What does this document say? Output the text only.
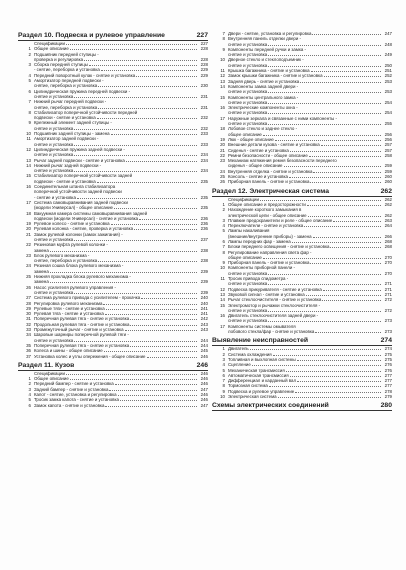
Раздел 10. Подвеска и рулевое управление	227
Спецификации	227
1 Общее описание	228
2 Подшипник передней ступицы -
проверка и регулировка	228
3 Сборка передней ступицы	228
- снятие, переборка и установка	229
4 Передний поворотный кулак - снятие и установка	229
5 Амортизатор передней подвески -
снятие, переборка и установка	230
6 Цилиндрическая пружина передней подвески -
снятие и установка	231
7 Нижний рычаг передней подвески -
снятие, переборка и установка	231
8 Стабилизатор поперечной устойчивости передней
подвески - снятие и установка	232
9 Крепежный элемент задней ступицы -
снятие и установка	232
10 Подшипник задней ступицы - замена	233
11 Амортизатор задней подвески -
снятие и установка	233
12 Цилиндрическая пружина задней подвески -
снятие и установка	234
13 Рычаг задней подвески - снятие и установка	234
14 Нижний рычаг задней подвески -
снятие и установка	234
15 Стабилизатор поперечной устойчивости задней
подвески - снятие и установка	235
16 Соединительная штанга стабилизатора
поперечной устойчивости задней подвески
- снятие и установка	235
17 Система самовыравнивания задней подвески
(модели Универсал) - общее описание	235
18 Вакуумная камера системы самовыравнивания задней
подвески (модели Универсал) - снятие и установка	236
19 Рулевое колесо - снятие и установка	236
20 Рулевая колонка - снятие, проверка и установка	236
21 Замок рулевой колонки (замок зажигания) -
снятие и установка	237
22 Резиновая муфта рулевой колонки -
замена	238
23 Блок рулевого механизма -
снятие, переборка и установка	238
24 Резиная сошка блока рулевого механизма -
замена	239
25 Нижняя прокладка блока рулевого механизма -
замена	239
26 Насос усилителя рулевого управления -
снятие и установка	239
27 Система рулевого привода с усилителем - прокачка	240
28 Регулировка рулевого механизма	240
29 Рулевые тяги - снятие и установка	241
30 Рулевая тяга - снятие и установка	241
31 Поперечная рулевая тяга - снятие и установка	242
32 Продольная рулевая тяга - снятие и установка	243
33 Промежуточный рычаг - снятие и установка	243
34 Шаровые шарниры поперечной рулевой тяги -
снятие и установка	244
35 Поперечная рулевая тяга - снятие и установка	244
36 Колеса и шины - общее описание	245
37 Установка колес и углы опережения - общее описание	246
Раздел 11. Кузов	246
Спецификации	246
1 Общее описание	246
2 Передний бампер - снятие и установка	246
3 Задний бампер - снятие и установка	247
4 Капот - снятие, установка и регулировка	246
5 Тросик замка капота - снятие и установка	246
6 Замок капота - снятие и установка	247
7 Двери - снятие, установка и регулировка	247
8 Внутренняя панель отделки двери -
снятие и установка	248
9 Компоненты передней ручки и замка -
снятие и установка	249
10 Дверное стекло и стеклоподъемник -
снятие и установка	250
11 Крышка багажника - снятие и установка	251
12 Замок крышки багажника - снятие и установка	252
13 Задняя дверь - снятие и установка	253
14 Компоненты замка задней двери -
снятие и установка	253
15 Компоненты центрального замка -
снятие и установка	254
16 Электрические компоненты окна -
снятие и установка	254
17 Наружные зеркала и связанные с ними компоненты -
снятие и установка	255
18 Лобовое стекло и заднее стекло -
общее описание	256
19 Люк - общее описание	256
20 Внешние детали кузова - снятие и установка	257
21 Сиденья - снятие и установка	257
22 Ремни безопасности - общее описание	258
23 Механизм натяжения ремня безопасности переднего
сиденья - общее описание	259
24 Внутренняя отделка - снятие и установка	259
25 Консоль - снятие и установка	260
26 Приборная панель - снятие и установка	260
Раздел 12. Электрическая система	262
Спецификации	262
1 Общее описание и предосторожности	262
2 Нахождение короткого замыкания в
электрической цепи - общее описание	262
3 Плавкие предохранители и реле - общее описание	263
4 Переключатели - снятие и установка	264
5 Лампы накаливания
(внешние/внутренние приборы) - замена	266
6 Лампы передних фар - замена	268
7 Блоки переднего освещения - снятие и установка	268
8 Регулирование направления света фар -
общее описание	270
9 Приборная панель - снятие и установка	270
10 Компоненты приборной панели -
снятие и установка	270
11 Тросик привода спидометра -
снятие и установка	271
12 Подвеска прикуривателя - снятие и установка	271
13 Звуковой сигнал - снятие и установка	271
14 Рычаг стеклоочистителя - снятие и установка	272
15 Электромотор и рычажки стеклоочистителя -
снятие и установка	272
16 Двигатель стеклоочистителя задней двери -
снятие и установка	273
17 Компоненты системы омывателя
лобового стекла/фар - снятие и установка	273
Выявление неисправностей	274
1 Двигатель	274
2 Система охлаждения	275
3 Топливная и выхлопная системы	275
4 Сцепление	276
5 Механическая трансмиссия	276
6 Автоматическая трансмиссия	277
7 Дифференциал и карданный вал	277
8 Тормозная система	277
9 Подвеска и рулевое управление	278
10 Электрическая система	279
Схемы электрических соединений	280
